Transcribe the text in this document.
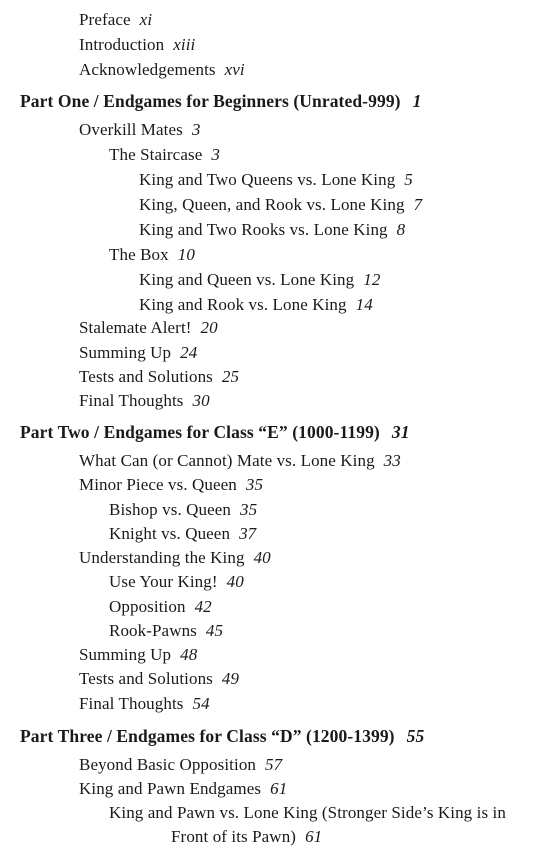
Preface xi
Introduction xiii
Acknowledgements xvi
Part One / Endgames for Beginners (Unrated-999) 1
Overkill Mates 3
The Staircase 3
King and Two Queens vs. Lone King 5
King, Queen, and Rook vs. Lone King 7
King and Two Rooks vs. Lone King 8
The Box 10
King and Queen vs. Lone King 12
King and Rook vs. Lone King 14
Stalemate Alert! 20
Summing Up 24
Tests and Solutions 25
Final Thoughts 30
Part Two / Endgames for Class “E” (1000-1199) 31
What Can (or Cannot) Mate vs. Lone King 33
Minor Piece vs. Queen 35
Bishop vs. Queen 35
Knight vs. Queen 37
Understanding the King 40
Use Your King! 40
Opposition 42
Rook-Pawns 45
Summing Up 48
Tests and Solutions 49
Final Thoughts 54
Part Three / Endgames for Class “D” (1200-1399) 55
Beyond Basic Opposition 57
King and Pawn Endgames 61
King and Pawn vs. Lone King (Stronger Side’s King is in
Front of its Pawn) 61
